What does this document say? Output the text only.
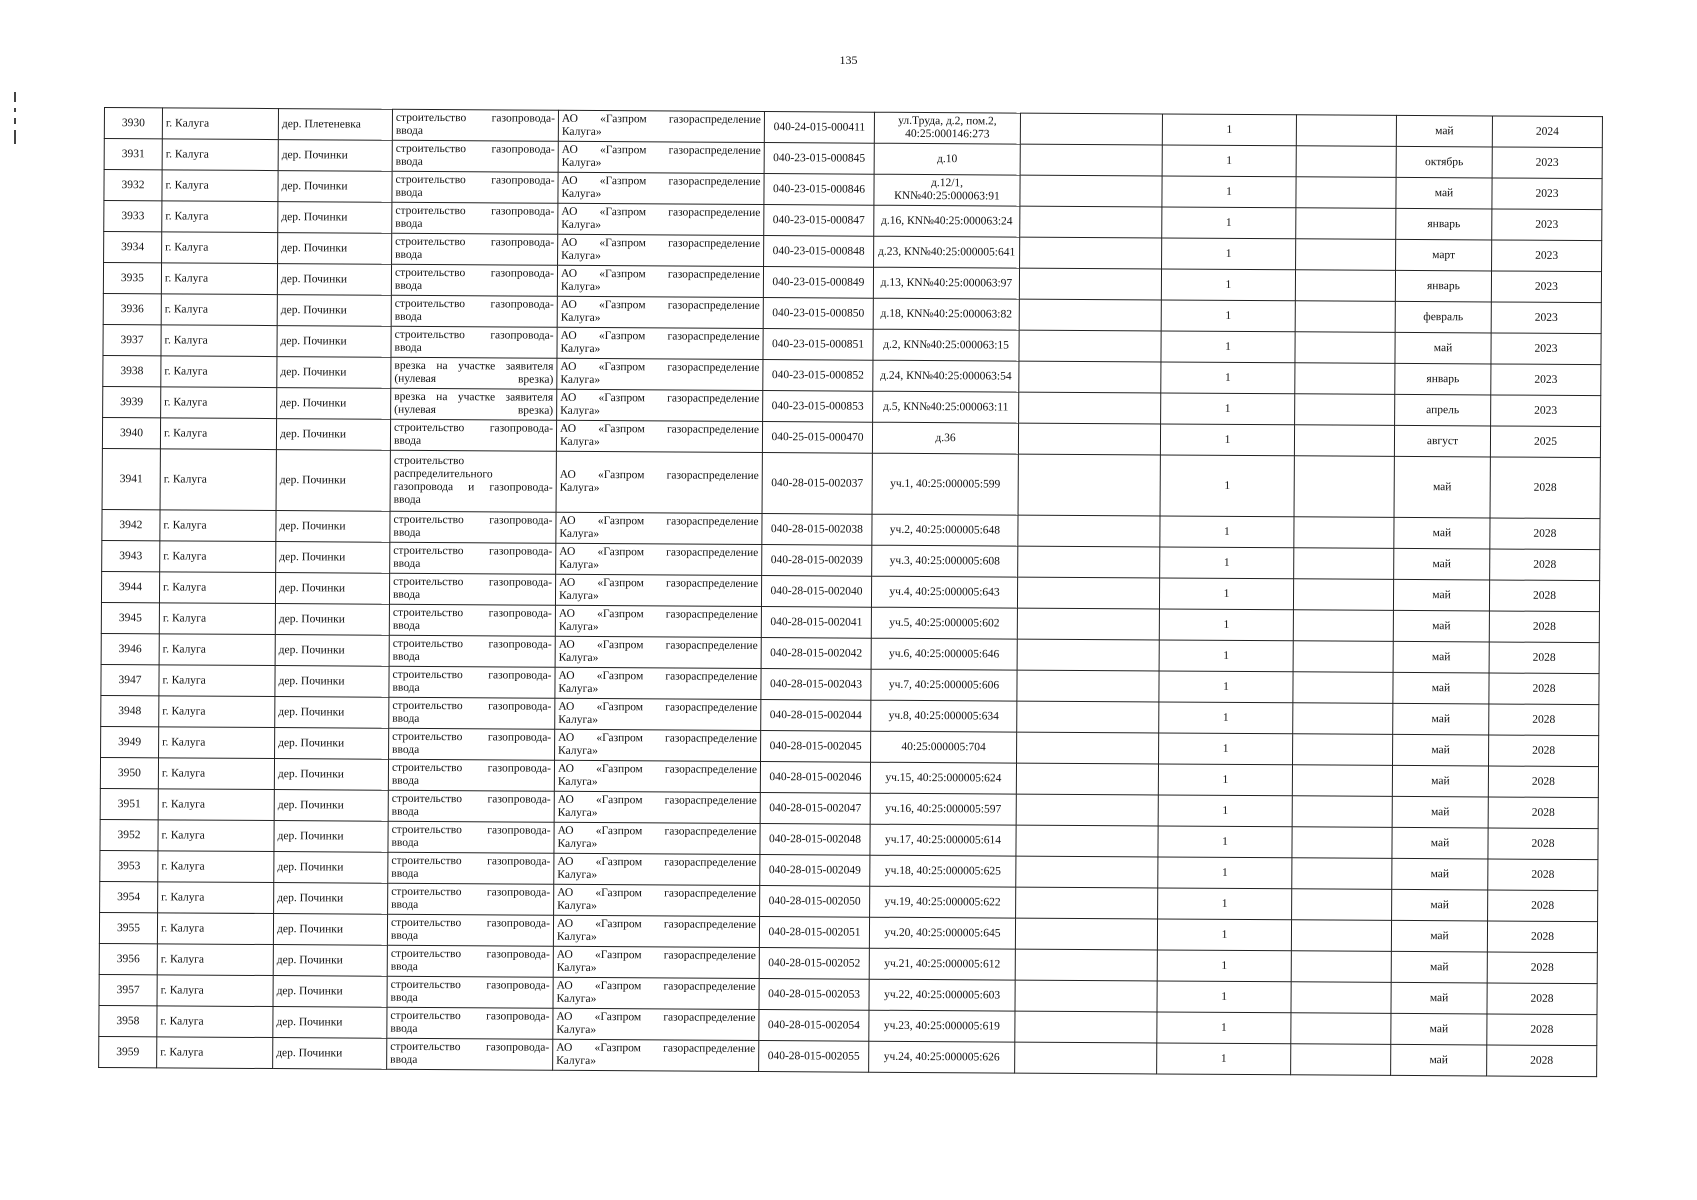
135
3930	г. Калуга	дер. Плетеневка	строительство газопровода-ввода	АО «Газпром газораспределение Калуга»	040-24-015-000411	ул.Труда, д.2, пом.2, 40:25:000146:273		1		май	2024
3931	г. Калуга	дер. Починки	строительство газопровода-ввода	АО «Газпром газораспределение Калуга»	040-23-015-000845	д.10		1		октябрь	2023
3932	г. Калуга	дер. Починки	строительство газопровода-ввода	АО «Газпром газораспределение Калуга»	040-23-015-000846	д.12/1, КN№40:25:000063:91		1		май	2023
3933	г. Калуга	дер. Починки	строительство газопровода-ввода	АО «Газпром газораспределение Калуга»	040-23-015-000847	д.16, КN№40:25:000063:24		1		январь	2023
3934	г. Калуга	дер. Починки	строительство газопровода-ввода	АО «Газпром газораспределение Калуга»	040-23-015-000848	д.23, КN№40:25:000005:641		1		март	2023
3935	г. Калуга	дер. Починки	строительство газопровода-ввода	АО «Газпром газораспределение Калуга»	040-23-015-000849	д.13, КN№40:25:000063:97		1		январь	2023
3936	г. Калуга	дер. Починки	строительство газопровода-ввода	АО «Газпром газораспределение Калуга»	040-23-015-000850	д.18, КN№40:25:000063:82		1		февраль	2023
3937	г. Калуга	дер. Починки	строительство газопровода-ввода	АО «Газпром газораспределение Калуга»	040-23-015-000851	д.2, КN№40:25:000063:15		1		май	2023
3938	г. Калуга	дер. Починки	врезка на участке заявителя (нулевая врезка)	АО «Газпром газораспределение Калуга»	040-23-015-000852	д.24, КN№40:25:000063:54		1		январь	2023
3939	г. Калуга	дер. Починки	врезка на участке заявителя (нулевая врезка)	АО «Газпром газораспределение Калуга»	040-23-015-000853	д.5, КN№40:25:000063:11		1		апрель	2023
3940	г. Калуга	дер. Починки	строительство газопровода-ввода	АО «Газпром газораспределение Калуга»	040-25-015-000470	д.36		1		август	2025
3941	г. Калуга	дер. Починки	строительство распределительного газопровода и газопровода-ввода	АО «Газпром газораспределение Калуга»	040-28-015-002037	уч.1, 40:25:000005:599		1		май	2028
3942	г. Калуга	дер. Починки	строительство газопровода-ввода	АО «Газпром газораспределение Калуга»	040-28-015-002038	уч.2, 40:25:000005:648		1		май	2028
3943	г. Калуга	дер. Починки	строительство газопровода-ввода	АО «Газпром газораспределение Калуга»	040-28-015-002039	уч.3, 40:25:000005:608		1		май	2028
3944	г. Калуга	дер. Починки	строительство газопровода-ввода	АО «Газпром газораспределение Калуга»	040-28-015-002040	уч.4, 40:25:000005:643		1		май	2028
3945	г. Калуга	дер. Починки	строительство газопровода-ввода	АО «Газпром газораспределение Калуга»	040-28-015-002041	уч.5, 40:25:000005:602		1		май	2028
3946	г. Калуга	дер. Починки	строительство газопровода-ввода	АО «Газпром газораспределение Калуга»	040-28-015-002042	уч.6, 40:25:000005:646		1		май	2028
3947	г. Калуга	дер. Починки	строительство газопровода-ввода	АО «Газпром газораспределение Калуга»	040-28-015-002043	уч.7, 40:25:000005:606		1		май	2028
3948	г. Калуга	дер. Починки	строительство газопровода-ввода	АО «Газпром газораспределение Калуга»	040-28-015-002044	уч.8, 40:25:000005:634		1		май	2028
3949	г. Калуга	дер. Починки	строительство газопровода-ввода	АО «Газпром газораспределение Калуга»	040-28-015-002045	40:25:000005:704		1		май	2028
3950	г. Калуга	дер. Починки	строительство газопровода-ввода	АО «Газпром газораспределение Калуга»	040-28-015-002046	уч.15, 40:25:000005:624		1		май	2028
3951	г. Калуга	дер. Починки	строительство газопровода-ввода	АО «Газпром газораспределение Калуга»	040-28-015-002047	уч.16, 40:25:000005:597		1		май	2028
3952	г. Калуга	дер. Починки	строительство газопровода-ввода	АО «Газпром газораспределение Калуга»	040-28-015-002048	уч.17, 40:25:000005:614		1		май	2028
3953	г. Калуга	дер. Починки	строительство газопровода-ввода	АО «Газпром газораспределение Калуга»	040-28-015-002049	уч.18, 40:25:000005:625		1		май	2028
3954	г. Калуга	дер. Починки	строительство газопровода-ввода	АО «Газпром газораспределение Калуга»	040-28-015-002050	уч.19, 40:25:000005:622		1		май	2028
3955	г. Калуга	дер. Починки	строительство газопровода-ввода	АО «Газпром газораспределение Калуга»	040-28-015-002051	уч.20, 40:25:000005:645		1		май	2028
3956	г. Калуга	дер. Починки	строительство газопровода-ввода	АО «Газпром газораспределение Калуга»	040-28-015-002052	уч.21, 40:25:000005:612		1		май	2028
3957	г. Калуга	дер. Починки	строительство газопровода-ввода	АО «Газпром газораспределение Калуга»	040-28-015-002053	уч.22, 40:25:000005:603		1		май	2028
3958	г. Калуга	дер. Починки	строительство газопровода-ввода	АО «Газпром газораспределение Калуга»	040-28-015-002054	уч.23, 40:25:000005:619		1		май	2028
3959	г. Калуга	дер. Починки	строительство газопровода-ввода	АО «Газпром газораспределение Калуга»	040-28-015-002055	уч.24, 40:25:000005:626		1		май	2028
